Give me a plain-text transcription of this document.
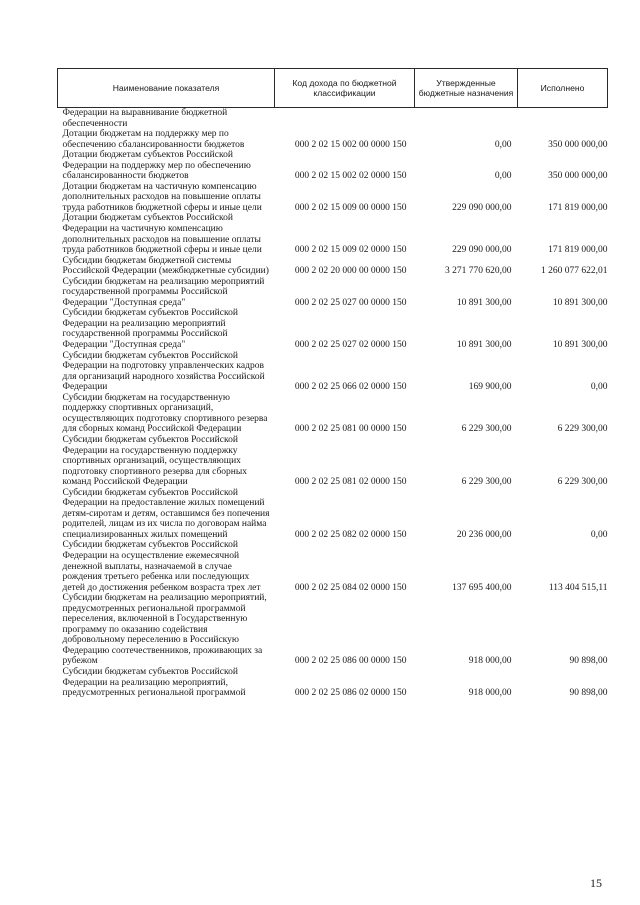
Наименование показателя	Код дохода по бюджетной классификации	Утвержденные бюджетные назначения	Исполнено
Федерации на выравнивание бюджетной обеспеченности			
Дотации бюджетам на поддержку мер по обеспечению сбалансированности бюджетов	000 2 02 15 002 00 0000 150	0,00	350 000 000,00
Дотации бюджетам субъектов Российской Федерации на поддержку мер по обеспечению сбалансированности бюджетов	000 2 02 15 002 02 0000 150	0,00	350 000 000,00
Дотации бюджетам на частичную компенсацию дополнительных расходов на повышение оплаты труда работников бюджетной сферы и иные цели	000 2 02 15 009 00 0000 150	229 090 000,00	171 819 000,00
Дотации бюджетам субъектов Российской Федерации на частичную компенсацию дополнительных расходов на повышение оплаты труда работников бюджетной сферы и иные цели	000 2 02 15 009 02 0000 150	229 090 000,00	171 819 000,00
Субсидии бюджетам бюджетной системы Российской Федерации (межбюджетные субсидии)	000 2 02 20 000 00 0000 150	3 271 770 620,00	1 260 077 622,01
Субсидии бюджетам на реализацию мероприятий государственной программы Российской Федерации "Доступная среда"	000 2 02 25 027 00 0000 150	10 891 300,00	10 891 300,00
Субсидии бюджетам субъектов Российской Федерации на реализацию мероприятий государственной программы Российской Федерации "Доступная среда"	000 2 02 25 027 02 0000 150	10 891 300,00	10 891 300,00
Субсидии бюджетам субъектов Российской Федерации на подготовку управленческих кадров для организаций народного хозяйства Российской Федерации	000 2 02 25 066 02 0000 150	169 900,00	0,00
Субсидии бюджетам на государственную поддержку спортивных организаций, осуществляющих подготовку спортивного резерва для сборных команд Российской Федерации	000 2 02 25 081 00 0000 150	6 229 300,00	6 229 300,00
Субсидии бюджетам субъектов Российской Федерации на государственную поддержку спортивных организаций, осуществляющих подготовку спортивного резерва для сборных команд Российской Федерации	000 2 02 25 081 02 0000 150	6 229 300,00	6 229 300,00
Субсидии бюджетам субъектов Российской Федерации на предоставление жилых помещений детям-сиротам и детям, оставшимся без попечения родителей, лицам из их числа по договорам найма специализированных жилых помещений	000 2 02 25 082 02 0000 150	20 236 000,00	0,00
Субсидии бюджетам субъектов Российской Федерации на осуществление ежемесячной денежной выплаты, назначаемой в случае рождения третьего ребенка или последующих детей до достижения ребенком возраста трех лет	000 2 02 25 084 02 0000 150	137 695 400,00	113 404 515,11
Субсидии бюджетам на реализацию мероприятий, предусмотренных региональной программой переселения, включенной в Государственную программу по оказанию содействия добровольному переселению в Российскую Федерацию соотечественников, проживающих за рубежом	000 2 02 25 086 00 0000 150	918 000,00	90 898,00
Субсидии бюджетам субъектов Российской Федерации на реализацию мероприятий, предусмотренных региональной программой	000 2 02 25 086 02 0000 150	918 000,00	90 898,00
15
